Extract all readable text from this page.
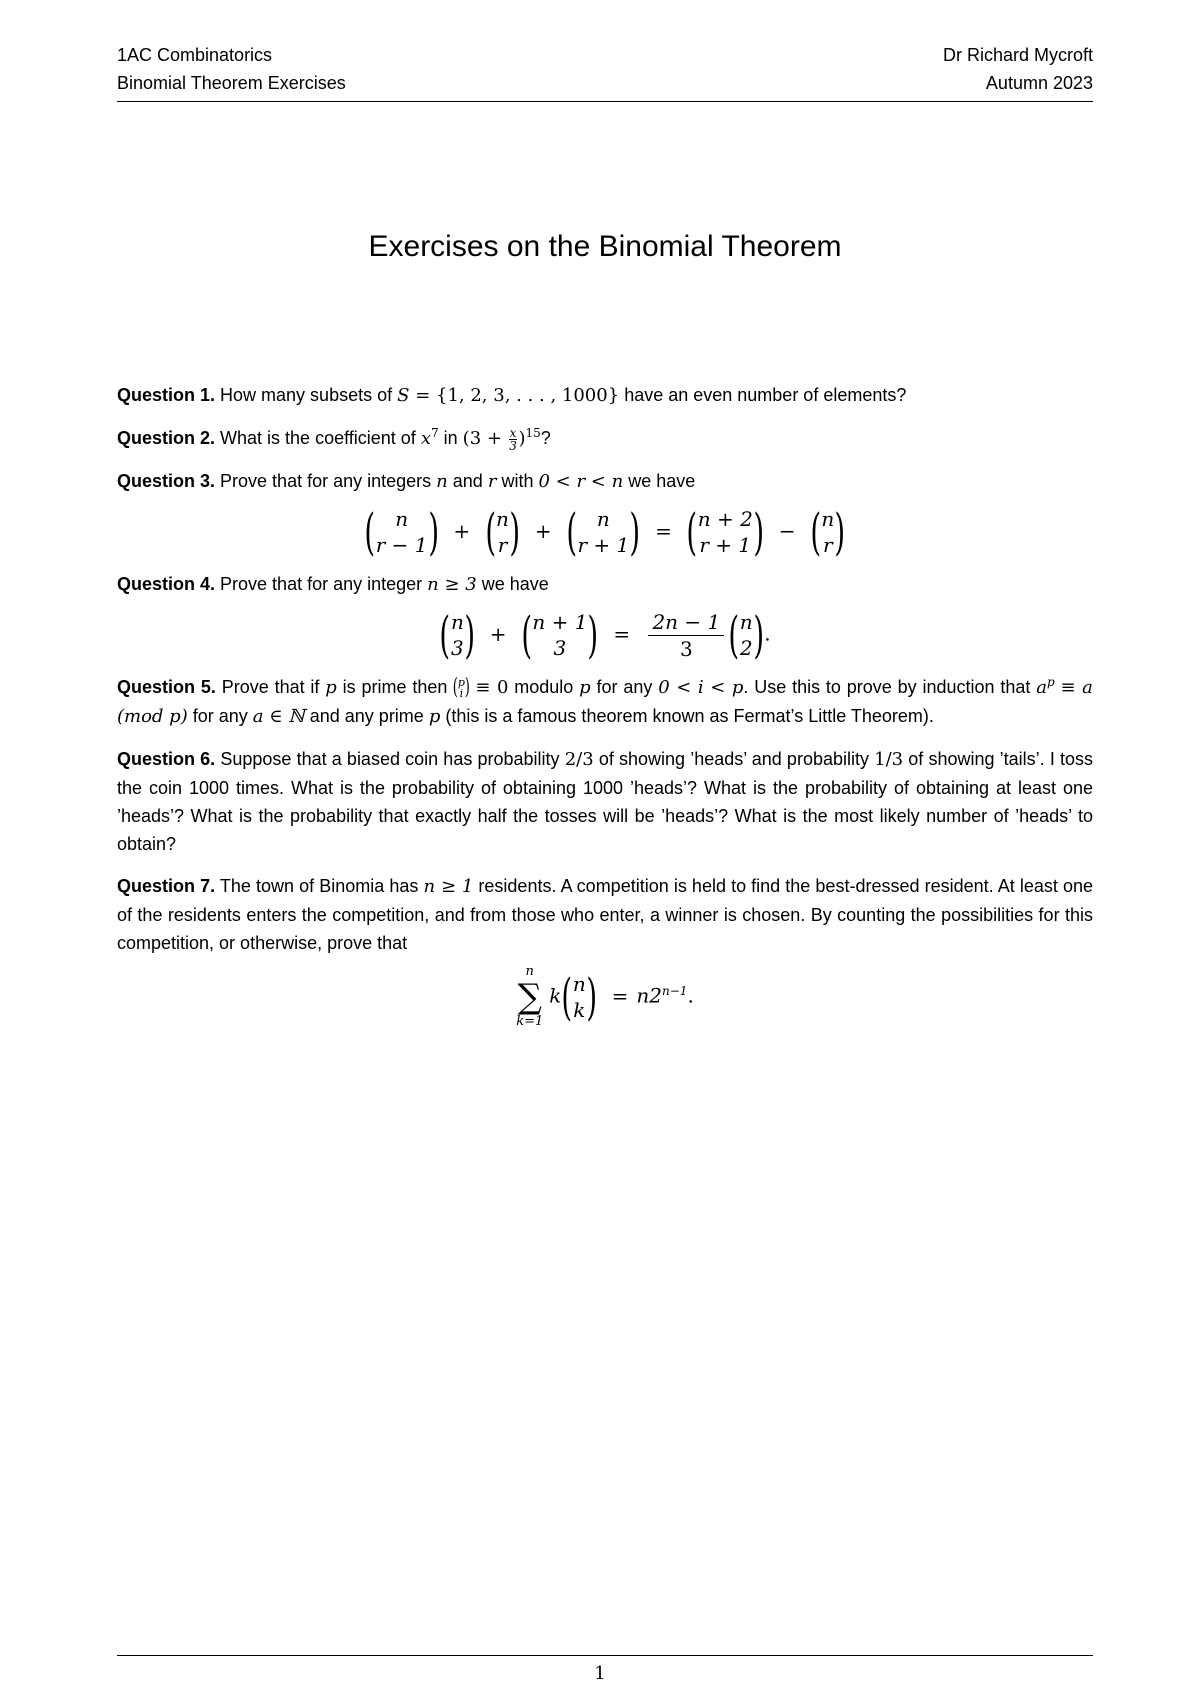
1AC Combinatorics	Dr Richard Mycroft
Binomial Theorem Exercises	Autumn 2023
Exercises on the Binomial Theorem

Question 1. How many subsets of S = {1, 2, 3, . . . , 1000} have an even number of elements?

Question 2. What is the coefficient of $x^7$ in $(3 + \frac{x}{3} )^{15}$?

Question 3. Prove that for any integers n and r with 0 < r < n we have

( n
r − 1 ) + ( n
r ) + ( n
r + 1 ) = ( n + 2
r + 1 ) − ( n
r )

Question 4. Prove that for any integer n ≥ 3 we have

( n
3 ) + ( n + 1
3 ) = $\frac{2n - 1}{3}$ ( n
2 ) .

Question 5. Prove that if p is prime then ( p
i ) ≡ 0 modulo p for any 0 < i < p. Use this to prove by induction that $a^p \equiv a$ (mod p) for any a ∈ ℕ and any prime p (this is a famous theorem known as Fermat’s Little Theorem).

Question 6. Suppose that a biased coin has probability 2/3 of showing ’heads’ and probability 1/3 of showing ’tails’. I toss the coin 1000 times. What is the probability of obtaining 1000 ’heads’? What is the probability of obtaining at least one ’heads’? What is the probability that exactly half the tosses will be ’heads’? What is the most likely number of ’heads’ to obtain?

Question 7. The town of Binomia has n ≥ 1 residents. A competition is held to find the best-dressed resident. At least one of the residents enters the competition, and from those who enter, a winner is chosen. By counting the possibilities for this competition, or otherwise, prove that

n
∑
k=1
k ( n
k ) = $n2^{n-1}$.
1
